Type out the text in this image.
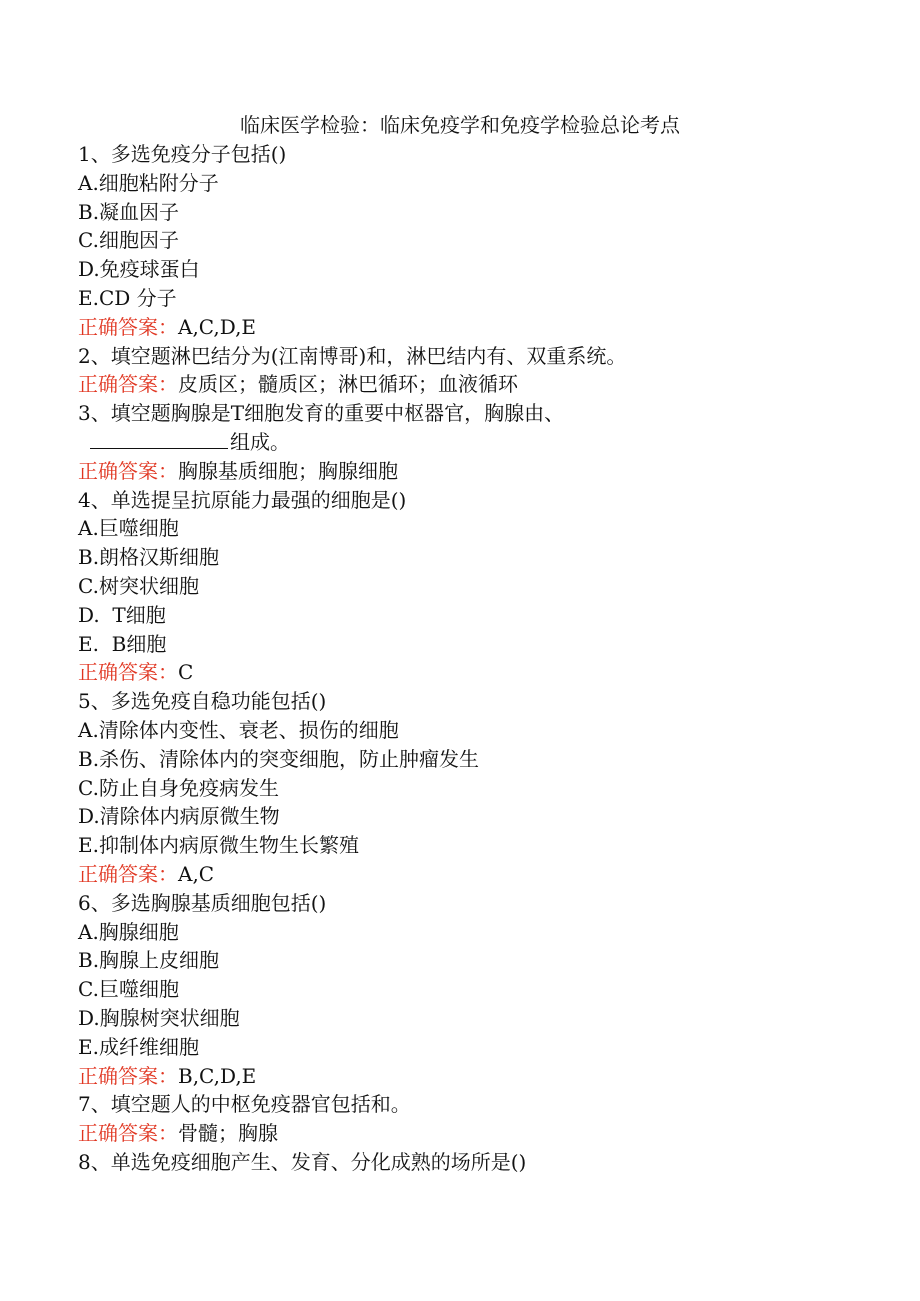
临床医学检验：临床免疫学和免疫学检验总论考点
1、多选免疫分子包括()
A.细胞粘附分子
B.凝血因子
C.细胞因子
D.免疫球蛋白
E.CD 分子
正确答案：A,C,D,E
2、填空题淋巴结分为(江南博哥)和，淋巴结内有、双重系统。
正确答案：皮质区；髓质区；淋巴循环；血液循环
3、填空题胸腺是T细胞发育的重要中枢器官，胸腺由、
组成。
正确答案：胸腺基质细胞；胸腺细胞
4、单选提呈抗原能力最强的细胞是()
A.巨噬细胞
B.朗格汉斯细胞
C.树突状细胞
D.  T细胞
E.  B细胞
正确答案：C
5、多选免疫自稳功能包括()
A.清除体内变性、衰老、损伤的细胞
B.杀伤、清除体内的突变细胞，防止肿瘤发生
C.防止自身免疫病发生
D.清除体内病原微生物
E.抑制体内病原微生物生长繁殖
正确答案：A,C
6、多选胸腺基质细胞包括()
A.胸腺细胞
B.胸腺上皮细胞
C.巨噬细胞
D.胸腺树突状细胞
E.成纤维细胞
正确答案：B,C,D,E
7、填空题人的中枢免疫器官包括和。
正确答案：骨髓；胸腺
8、单选免疫细胞产生、发育、分化成熟的场所是()
